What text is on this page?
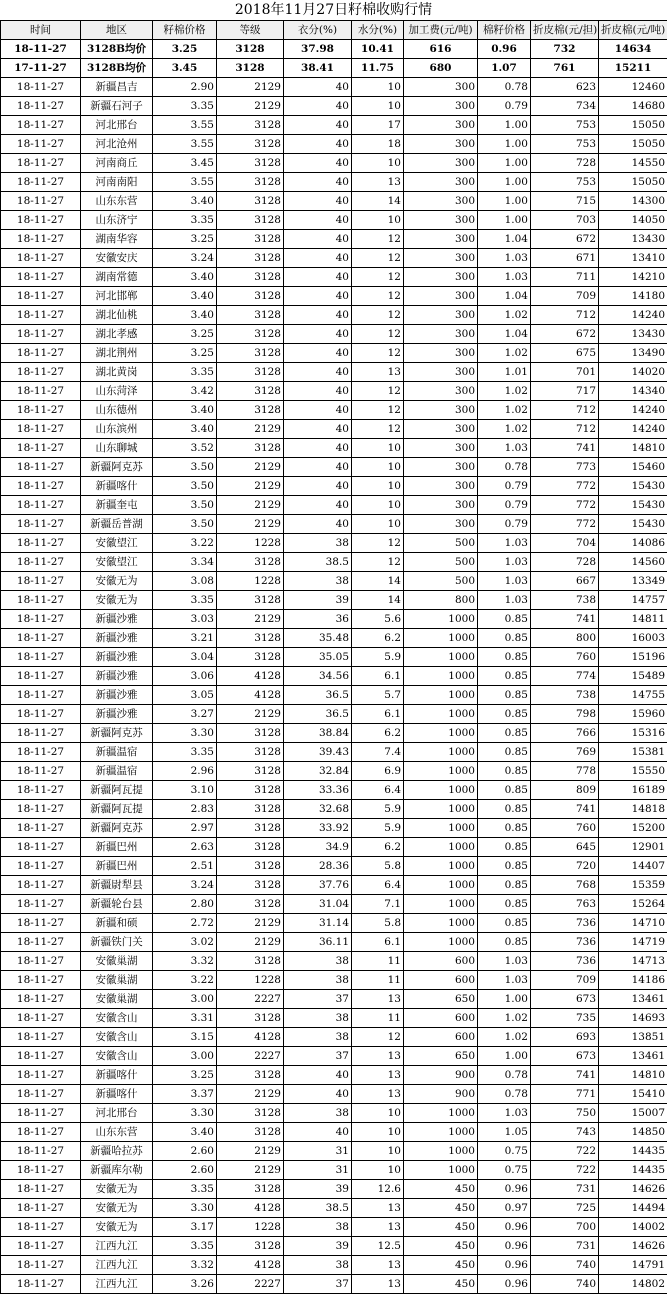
2018年11月27日籽棉收购行情
时间	地区	籽棉价格	等级	衣分(%)	水分(%)	加工费(元/吨)	棉籽价格	折皮棉(元/担)	折皮棉(元/吨)
18-11-27	3128B均价	3.25	3128	37.98	10.41	616	0.96	732	14634
17-11-27	3128B均价	3.45	3128	38.41	11.75	680	1.07	761	15211
18-11-27	新疆昌吉	2.90	2129	40	10	300	0.78	623	12460
18-11-27	新疆石河子	3.35	2129	40	10	300	0.79	734	14680
18-11-27	河北邢台	3.55	3128	40	17	300	1.00	753	15050
18-11-27	河北沧州	3.55	3128	40	18	300	1.00	753	15050
18-11-27	河南商丘	3.45	3128	40	10	300	1.00	728	14550
18-11-27	河南南阳	3.55	3128	40	13	300	1.00	753	15050
18-11-27	山东东营	3.40	3128	40	14	300	1.00	715	14300
18-11-27	山东济宁	3.35	3128	40	10	300	1.00	703	14050
18-11-27	湖南华容	3.25	3128	40	12	300	1.04	672	13430
18-11-27	安徽安庆	3.24	3128	40	12	300	1.03	671	13410
18-11-27	湖南常德	3.40	3128	40	12	300	1.03	711	14210
18-11-27	河北邯郸	3.40	3128	40	12	300	1.04	709	14180
18-11-27	湖北仙桃	3.40	3128	40	12	300	1.02	712	14240
18-11-27	湖北孝感	3.25	3128	40	12	300	1.04	672	13430
18-11-27	湖北荆州	3.25	3128	40	12	300	1.02	675	13490
18-11-27	湖北黄岗	3.35	3128	40	13	300	1.01	701	14020
18-11-27	山东菏泽	3.42	3128	40	12	300	1.02	717	14340
18-11-27	山东德州	3.40	3128	40	12	300	1.02	712	14240
18-11-27	山东滨州	3.40	2129	40	12	300	1.02	712	14240
18-11-27	山东聊城	3.52	3128	40	10	300	1.03	741	14810
18-11-27	新疆阿克苏	3.50	2129	40	10	300	0.78	773	15460
18-11-27	新疆喀什	3.50	2129	40	10	300	0.79	772	15430
18-11-27	新疆奎屯	3.50	2129	40	10	300	0.79	772	15430
18-11-27	新疆岳普湖	3.50	2129	40	10	300	0.79	772	15430
18-11-27	安徽望江	3.22	1228	38	12	500	1.03	704	14086
18-11-27	安徽望江	3.34	3128	38.5	12	500	1.03	728	14560
18-11-27	安徽无为	3.08	1228	38	14	500	1.03	667	13349
18-11-27	安徽无为	3.35	3128	39	14	800	1.03	738	14757
18-11-27	新疆沙雅	3.03	2129	36	5.6	1000	0.85	741	14811
18-11-27	新疆沙雅	3.21	3128	35.48	6.2	1000	0.85	800	16003
18-11-27	新疆沙雅	3.04	3128	35.05	5.9	1000	0.85	760	15196
18-11-27	新疆沙雅	3.06	4128	34.56	6.1	1000	0.85	774	15489
18-11-27	新疆沙雅	3.05	4128	36.5	5.7	1000	0.85	738	14755
18-11-27	新疆沙雅	3.27	2129	36.5	6.1	1000	0.85	798	15960
18-11-27	新疆阿克苏	3.30	3128	38.84	6.2	1000	0.85	766	15316
18-11-27	新疆温宿	3.35	3128	39.43	7.4	1000	0.85	769	15381
18-11-27	新疆温宿	2.96	3128	32.84	6.9	1000	0.85	778	15550
18-11-27	新疆阿瓦提	3.10	3128	33.36	6.4	1000	0.85	809	16189
18-11-27	新疆阿瓦提	2.83	3128	32.68	5.9	1000	0.85	741	14818
18-11-27	新疆阿克苏	2.97	3128	33.92	5.9	1000	0.85	760	15200
18-11-27	新疆巴州	2.63	3128	34.9	6.2	1000	0.85	645	12901
18-11-27	新疆巴州	2.51	3128	28.36	5.8	1000	0.85	720	14407
18-11-27	新疆尉犁县	3.24	3128	37.76	6.4	1000	0.85	768	15359
18-11-27	新疆轮台县	2.80	3128	31.04	7.1	1000	0.85	763	15264
18-11-27	新疆和硕	2.72	2129	31.14	5.8	1000	0.85	736	14710
18-11-27	新疆铁门关	3.02	2129	36.11	6.1	1000	0.85	736	14719
18-11-27	安徽巢湖	3.32	3128	38	11	600	1.03	736	14713
18-11-27	安徽巢湖	3.22	1228	38	11	600	1.03	709	14186
18-11-27	安徽巢湖	3.00	2227	37	13	650	1.00	673	13461
18-11-27	安徽含山	3.31	3128	38	11	600	1.02	735	14693
18-11-27	安徽含山	3.15	4128	38	12	600	1.02	693	13851
18-11-27	安徽含山	3.00	2227	37	13	650	1.00	673	13461
18-11-27	新疆喀什	3.25	3128	40	13	900	0.78	741	14810
18-11-27	新疆喀什	3.37	2129	40	13	900	0.78	771	15410
18-11-27	河北邢台	3.30	3128	38	10	1000	1.03	750	15007
18-11-27	山东东营	3.40	3128	40	10	1000	1.05	743	14850
18-11-27	新疆哈拉苏	2.60	2129	31	10	1000	0.75	722	14435
18-11-27	新疆库尔勒	2.60	2129	31	10	1000	0.75	722	14435
18-11-27	安徽无为	3.35	3128	39	12.6	450	0.96	731	14626
18-11-27	安徽无为	3.30	4128	38.5	13	450	0.97	725	14494
18-11-27	安徽无为	3.17	1228	38	13	450	0.96	700	14002
18-11-27	江西九江	3.35	3128	39	12.5	450	0.96	731	14626
18-11-27	江西九江	3.32	4128	38	13	450	0.96	740	14791
18-11-27	江西九江	3.26	2227	37	13	450	0.96	740	14802
